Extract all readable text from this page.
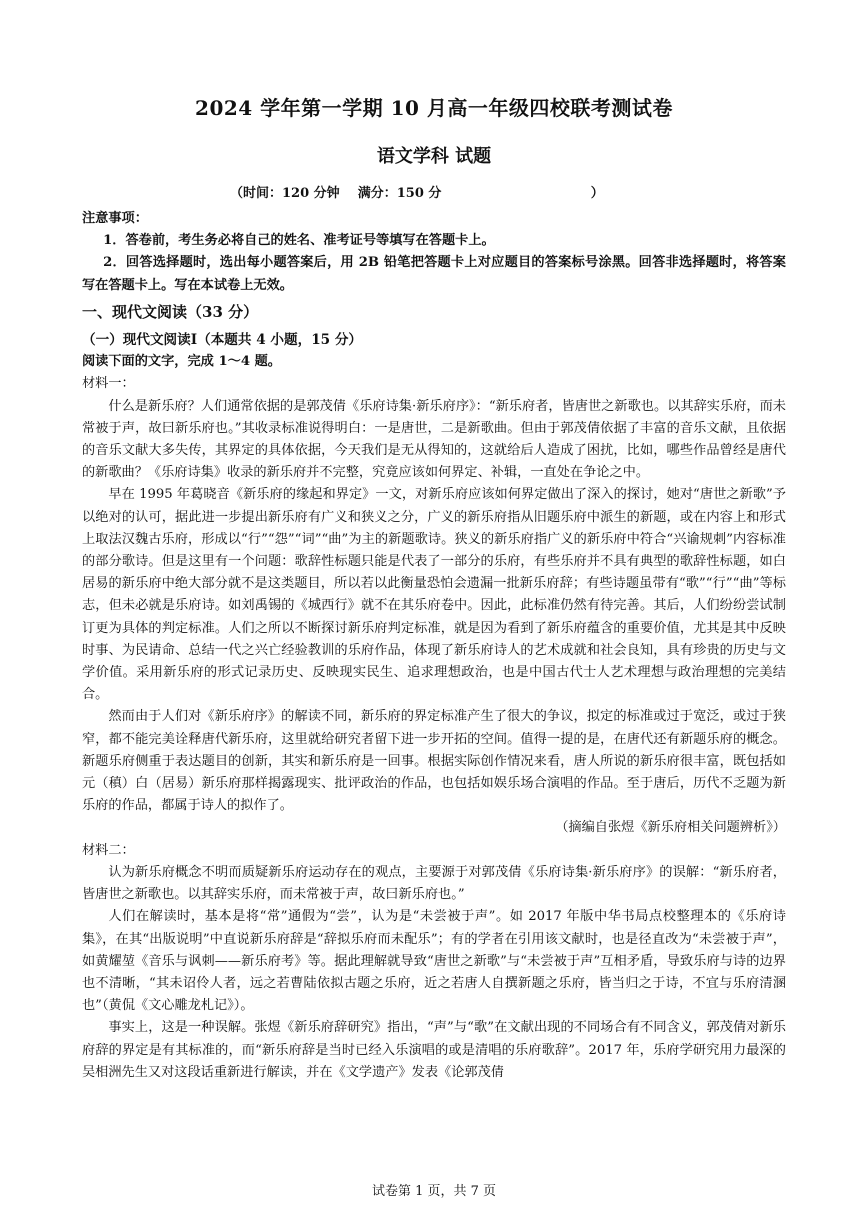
2024 学年第一学期 10 月高一年级四校联考测试卷
语文学科 试题
（时间：120 分钟    满分：150 分                                 ）

注意事项：

1．答卷前，考生务必将自己的姓名、准考证号等填写在答题卡上。

2．回答选择题时，选出每小题答案后，用 2B 铅笔把答题卡上对应题目的答案标号涂黑。回答非选择题时，将答案写在答题卡上。写在本试卷上无效。

一、现代文阅读（33 分）

（一）现代文阅读Ⅰ（本题共 4 小题，15 分）

阅读下面的文字，完成 1～4 题。

材料一：

什么是新乐府？人们通常依据的是郭茂倩《乐府诗集·新乐府序》：“新乐府者，皆唐世之新歌也。以其辞实乐府，而未常被于声，故曰新乐府也。”其收录标准说得明白：一是唐世，二是新歌曲。但由于郭茂倩依据了丰富的音乐文献，且依据的音乐文献大多失传，其界定的具体依据，今天我们是无从得知的，这就给后人造成了困扰，比如，哪些作品曾经是唐代的新歌曲？《乐府诗集》收录的新乐府并不完整，究竟应该如何界定、补辑，一直处在争论之中。

早在 1995 年葛晓音《新乐府的缘起和界定》一文，对新乐府应该如何界定做出了深入的探讨，她对“唐世之新歌”予以绝对的认可，据此进一步提出新乐府有广义和狭义之分，广义的新乐府指从旧题乐府中派生的新题，或在内容上和形式上取法汉魏古乐府，形成以“行”“怨”“词”“曲”为主的新题歌诗。狭义的新乐府指广义的新乐府中符合“兴谕规刺”内容标准的部分歌诗。但是这里有一个问题：歌辞性标题只能是代表了一部分的乐府，有些乐府并不具有典型的歌辞性标题，如白居易的新乐府中绝大部分就不是这类题目，所以若以此衡量恐怕会遗漏一批新乐府辞；有些诗题虽带有“歌”“行”“曲”等标志，但未必就是乐府诗。如刘禹锡的《城西行》就不在其乐府卷中。因此，此标准仍然有待完善。其后，人们纷纷尝试制订更为具体的判定标准。人们之所以不断探讨新乐府判定标准，就是因为看到了新乐府蕴含的重要价值，尤其是其中反映时事、为民请命、总结一代之兴亡经验教训的乐府作品，体现了新乐府诗人的艺术成就和社会良知，具有珍贵的历史与文学价值。采用新乐府的形式记录历史、反映现实民生、追求理想政治，也是中国古代士人艺术理想与政治理想的完美结合。

然而由于人们对《新乐府序》的解读不同，新乐府的界定标准产生了很大的争议，拟定的标准或过于宽泛，或过于狭窄，都不能完美诠释唐代新乐府，这里就给研究者留下进一步开拓的空间。值得一提的是，在唐代还有新题乐府的概念。新题乐府侧重于表达题目的创新，其实和新乐府是一回事。根据实际创作情况来看，唐人所说的新乐府很丰富，既包括如元（稹）白（居易）新乐府那样揭露现实、批评政治的作品，也包括如娱乐场合演唱的作品。至于唐后，历代不乏题为新乐府的作品，都属于诗人的拟作了。

（摘编自张煜《新乐府相关问题辨析》）

材料二：

认为新乐府概念不明而质疑新乐府运动存在的观点，主要源于对郭茂倩《乐府诗集·新乐府序》的误解：“新乐府者，皆唐世之新歌也。以其辞实乐府，而未常被于声，故曰新乐府也。”

人们在解读时，基本是将“常”通假为“尝”，认为是“未尝被于声”。如 2017 年版中华书局点校整理本的《乐府诗集》，在其“出版说明”中直说新乐府辞是“辞拟乐府而未配乐”；有的学者在引用该文献时，也是径直改为“未尝被于声”，如黄耀堃《音乐与讽刺——新乐府考》等。据此理解就导致“唐世之新歌”与“未尝被于声”互相矛盾，导致乐府与诗的边界也不清晰，“其未诏伶人者，远之若曹陆依拟古题之乐府，近之若唐人自撰新题之乐府，皆当归之于诗，不宜与乐府清溷也”（黄侃《文心雕龙札记》）。

事实上，这是一种误解。张煜《新乐府辞研究》指出，“声”与“歌”在文献出现的不同场合有不同含义，郭茂倩对新乐府辞的界定是有其标准的，而“新乐府辞是当时已经入乐演唱的或是清唱的乐府歌辞”。2017 年，乐府学研究用力最深的吴相洲先生又对这段话重新进行解读，并在《文学遗产》发表《论郭茂倩

试卷第 1 页，共 7 页
